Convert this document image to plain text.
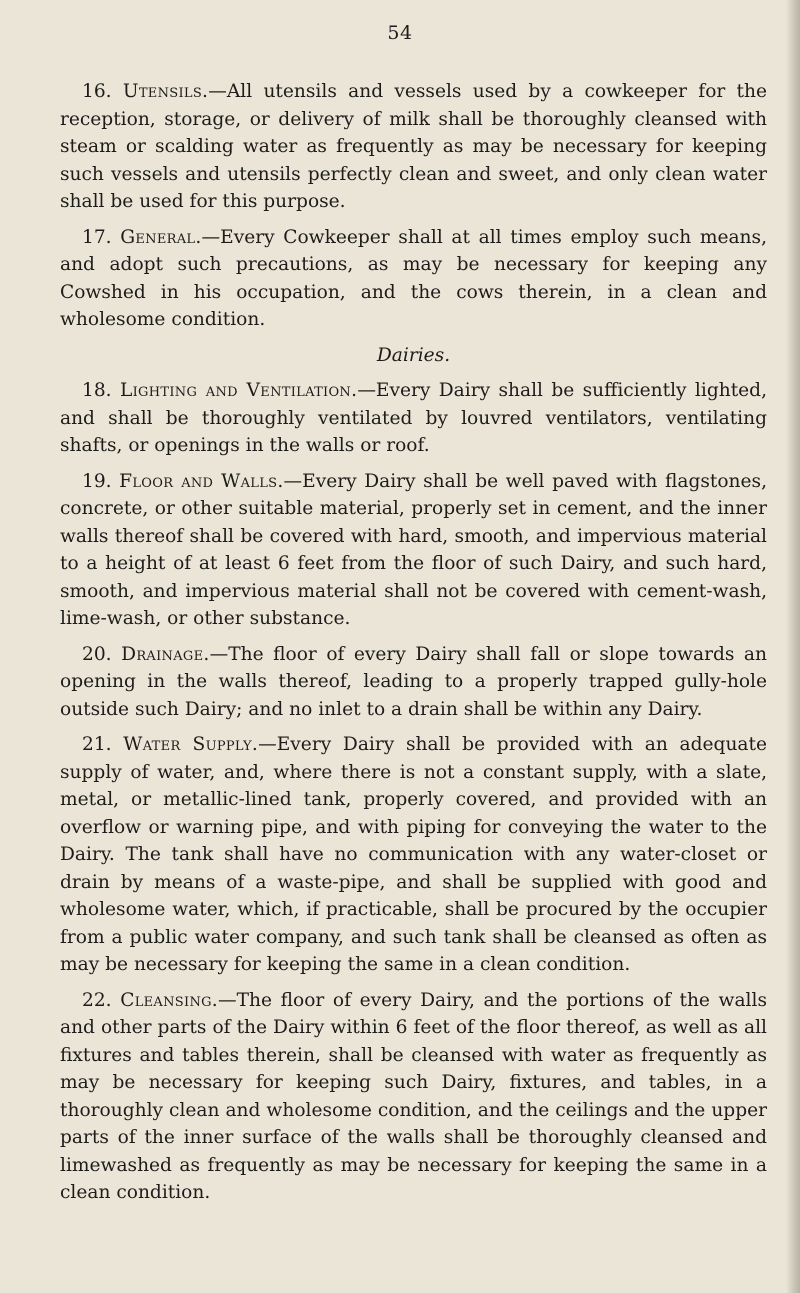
54

16. Utensils.—All utensils and vessels used by a cowkeeper for the reception, storage, or delivery of milk shall be thoroughly cleansed with steam or scalding water as frequently as may be necessary for keeping such vessels and utensils perfectly clean and sweet, and only clean water shall be used for this purpose.

17. General.—Every Cowkeeper shall at all times employ such means, and adopt such precautions, as may be necessary for keeping any Cowshed in his occupation, and the cows therein, in a clean and wholesome condition.

Dairies.

18. Lighting and Ventilation.—Every Dairy shall be sufficiently lighted, and shall be thoroughly ventilated by louvred ventilators, ventilating shafts, or openings in the walls or roof.

19. Floor and Walls.—Every Dairy shall be well paved with flagstones, concrete, or other suitable material, properly set in cement, and the inner walls thereof shall be covered with hard, smooth, and impervious material to a height of at least 6 feet from the floor of such Dairy, and such hard, smooth, and impervious material shall not be covered with cement-wash, lime-wash, or other substance.

20. Drainage.—The floor of every Dairy shall fall or slope towards an opening in the walls thereof, leading to a properly trapped gully-hole outside such Dairy; and no inlet to a drain shall be within any Dairy.

21. Water Supply.—Every Dairy shall be provided with an adequate supply of water, and, where there is not a constant supply, with a slate, metal, or metallic-lined tank, properly covered, and provided with an overflow or warning pipe, and with piping for conveying the water to the Dairy. The tank shall have no communication with any water-closet or drain by means of a waste-pipe, and shall be supplied with good and wholesome water, which, if practicable, shall be procured by the occupier from a public water company, and such tank shall be cleansed as often as may be necessary for keeping the same in a clean condition.

22. Cleansing.—The floor of every Dairy, and the portions of the walls and other parts of the Dairy within 6 feet of the floor thereof, as well as all fixtures and tables therein, shall be cleansed with water as frequently as may be necessary for keeping such Dairy, fixtures, and tables, in a thoroughly clean and wholesome condition, and the ceilings and the upper parts of the inner surface of the walls shall be thoroughly cleansed and limewashed as frequently as may be necessary for keeping the same in a clean condition.
